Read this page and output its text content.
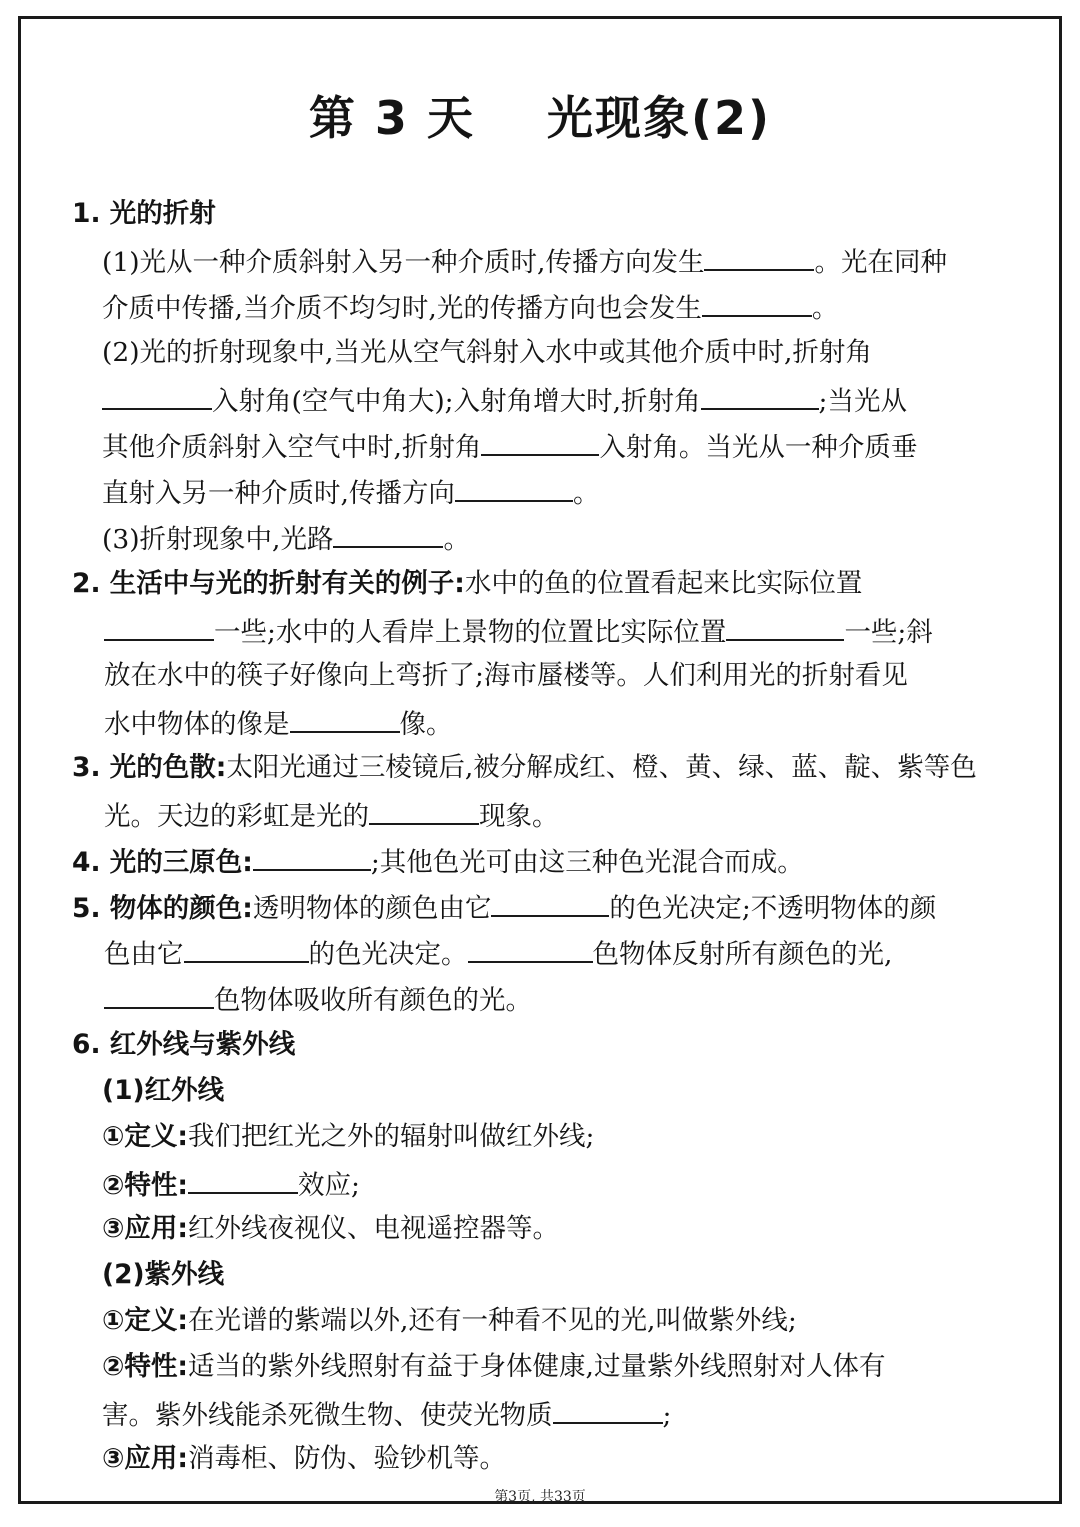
第 3 天    光现象(2)
1. 光的折射
(1)光从一种介质斜射入另一种介质时,传播方向发生	。光在同种
介质中传播,当介质不均匀时,光的传播方向也会发生	。
(2)光的折射现象中,当光从空气斜射入水中或其他介质中时,折射角
入射角(空气中角大);入射角增大时,折射角	;当光从
其他介质斜射入空气中时,折射角	入射角。当光从一种介质垂
直射入另一种介质时,传播方向	。
(3)折射现象中,光路	。
2. 生活中与光的折射有关的例子:水中的鱼的位置看起来比实际位置
一些;水中的人看岸上景物的位置比实际位置	一些;斜
放在水中的筷子好像向上弯折了;海市蜃楼等。人们利用光的折射看见
水中物体的像是	像。
3. 光的色散:太阳光通过三棱镜后,被分解成红、橙、黄、绿、蓝、靛、紫等色
光。天边的彩虹是光的	现象。
4. 光的三原色:	;其他色光可由这三种色光混合而成。
5. 物体的颜色:透明物体的颜色由它	的色光决定;不透明物体的颜
色由它	的色光决定。	色物体反射所有颜色的光,
色物体吸收所有颜色的光。
6. 红外线与紫外线
(1)红外线
①定义:我们把红光之外的辐射叫做红外线;
②特性:	效应;
③应用:红外线夜视仪、电视遥控器等。
(2)紫外线
①定义:在光谱的紫端以外,还有一种看不见的光,叫做紫外线;
②特性:适当的紫外线照射有益于身体健康,过量紫外线照射对人体有
害。紫外线能杀死微生物、使荧光物质	;
③应用:消毒柜、防伪、验钞机等。
第3页, 共33页
